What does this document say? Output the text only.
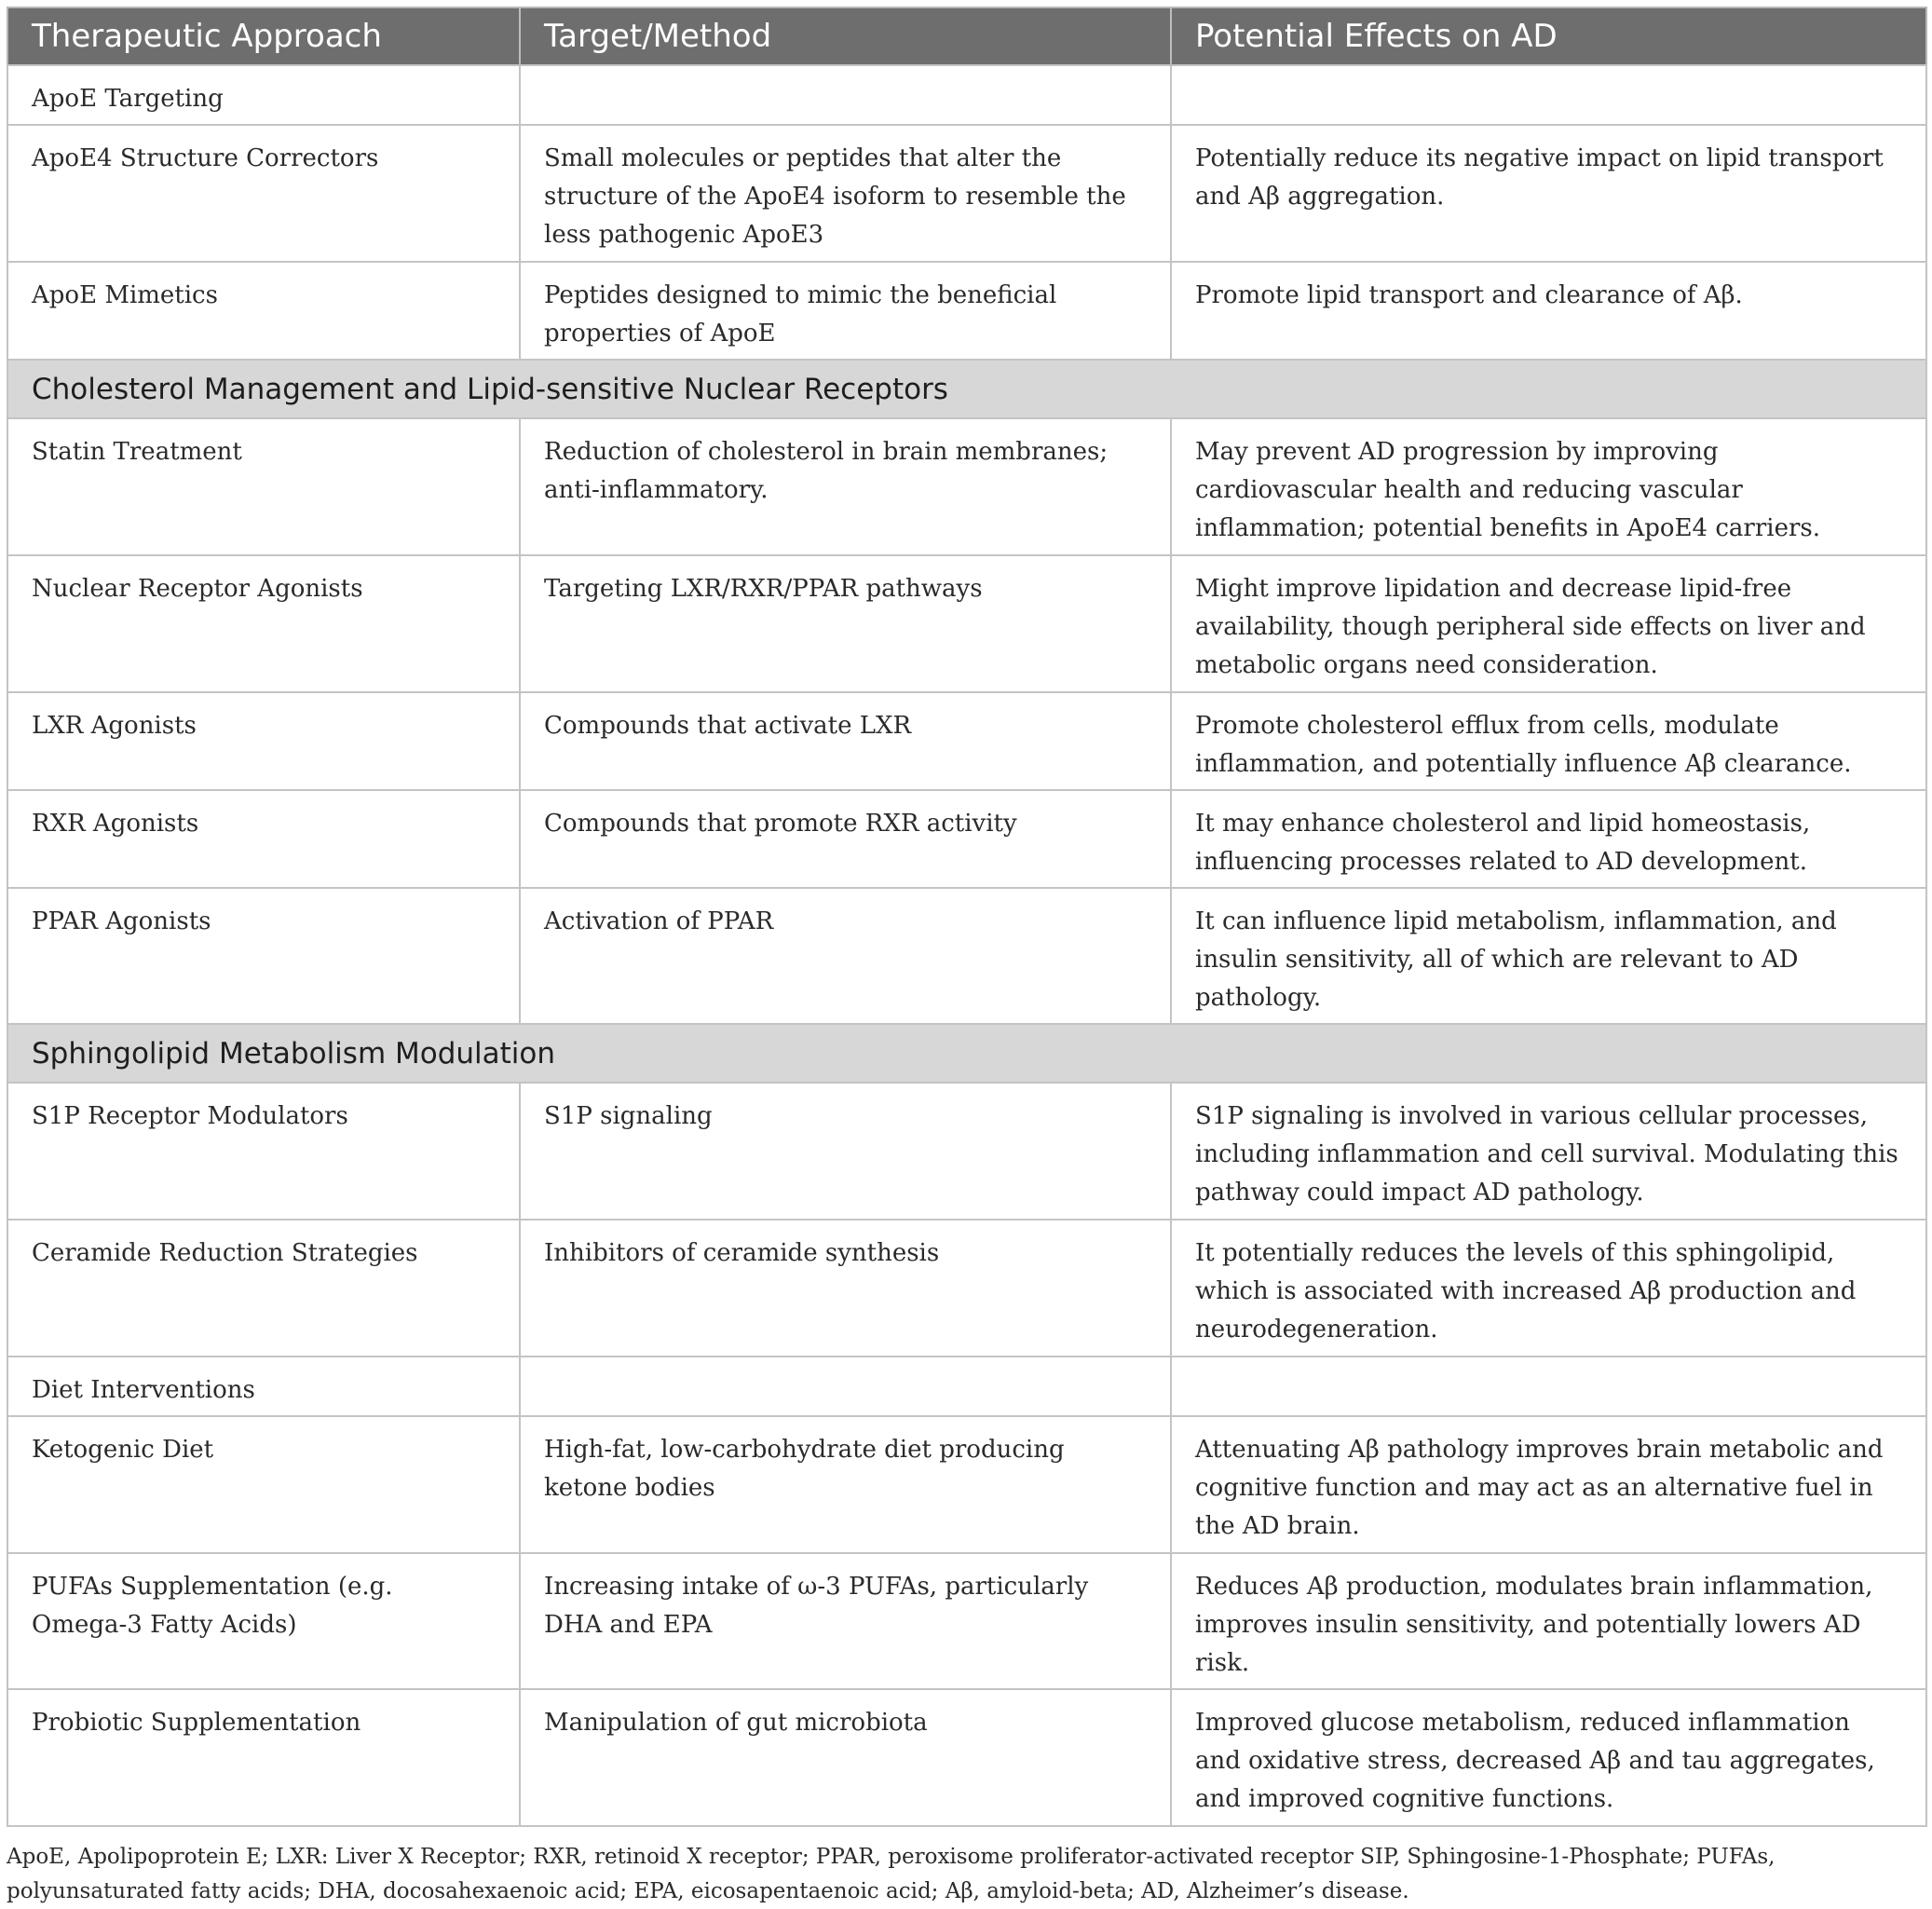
Therapeutic Approach	Target/Method	Potential Effects on AD
ApoE Targeting		
ApoE4 Structure Correctors	Small molecules or peptides that alter the structure of the ApoE4 isoform to resemble the less pathogenic ApoE3	Potentially reduce its negative impact on lipid transport and Aβ aggregation.
ApoE Mimetics	Peptides designed to mimic the beneficial properties of ApoE	Promote lipid transport and clearance of Aβ.
Cholesterol Management and Lipid-sensitive Nuclear Receptors		
Statin Treatment	Reduction of cholesterol in brain membranes; anti-inflammatory.	May prevent AD progression by improving cardiovascular health and reducing vascular inflammation; potential benefits in ApoE4 carriers.
Nuclear Receptor Agonists	Targeting LXR/RXR/PPAR pathways	Might improve lipidation and decrease lipid-free availability, though peripheral side effects on liver and metabolic organs need consideration.
LXR Agonists	Compounds that activate LXR	Promote cholesterol efflux from cells, modulate inflammation, and potentially influence Aβ clearance.
RXR Agonists	Compounds that promote RXR activity	It may enhance cholesterol and lipid homeostasis, influencing processes related to AD development.
PPAR Agonists	Activation of PPAR	It can influence lipid metabolism, inflammation, and insulin sensitivity, all of which are relevant to AD pathology.
Sphingolipid Metabolism Modulation		
S1P Receptor Modulators	S1P signaling	S1P signaling is involved in various cellular processes, including inflammation and cell survival. Modulating this pathway could impact AD pathology.
Ceramide Reduction Strategies	Inhibitors of ceramide synthesis	It potentially reduces the levels of this sphingolipid, which is associated with increased Aβ production and neurodegeneration.
Diet Interventions		
Ketogenic Diet	High-fat, low-carbohydrate diet producing ketone bodies	Attenuating Aβ pathology improves brain metabolic and cognitive function and may act as an alternative fuel in the AD brain.
PUFAs Supplementation (e.g. Omega-3 Fatty Acids)	Increasing intake of ω-3 PUFAs, particularly DHA and EPA	Reduces Aβ production, modulates brain inflammation, improves insulin sensitivity, and potentially lowers AD risk.
Probiotic Supplementation	Manipulation of gut microbiota	Improved glucose metabolism, reduced inflammation and oxidative stress, decreased Aβ and tau aggregates, and improved cognitive functions.
ApoE, Apolipoprotein E; LXR: Liver X Receptor; RXR, retinoid X receptor; PPAR, peroxisome proliferator-activated receptor SIP, Sphingosine-1-Phosphate; PUFAs, polyunsaturated fatty acids; DHA, docosahexaenoic acid; EPA, eicosapentaenoic acid; Aβ, amyloid-beta; AD, Alzheimer’s disease.
